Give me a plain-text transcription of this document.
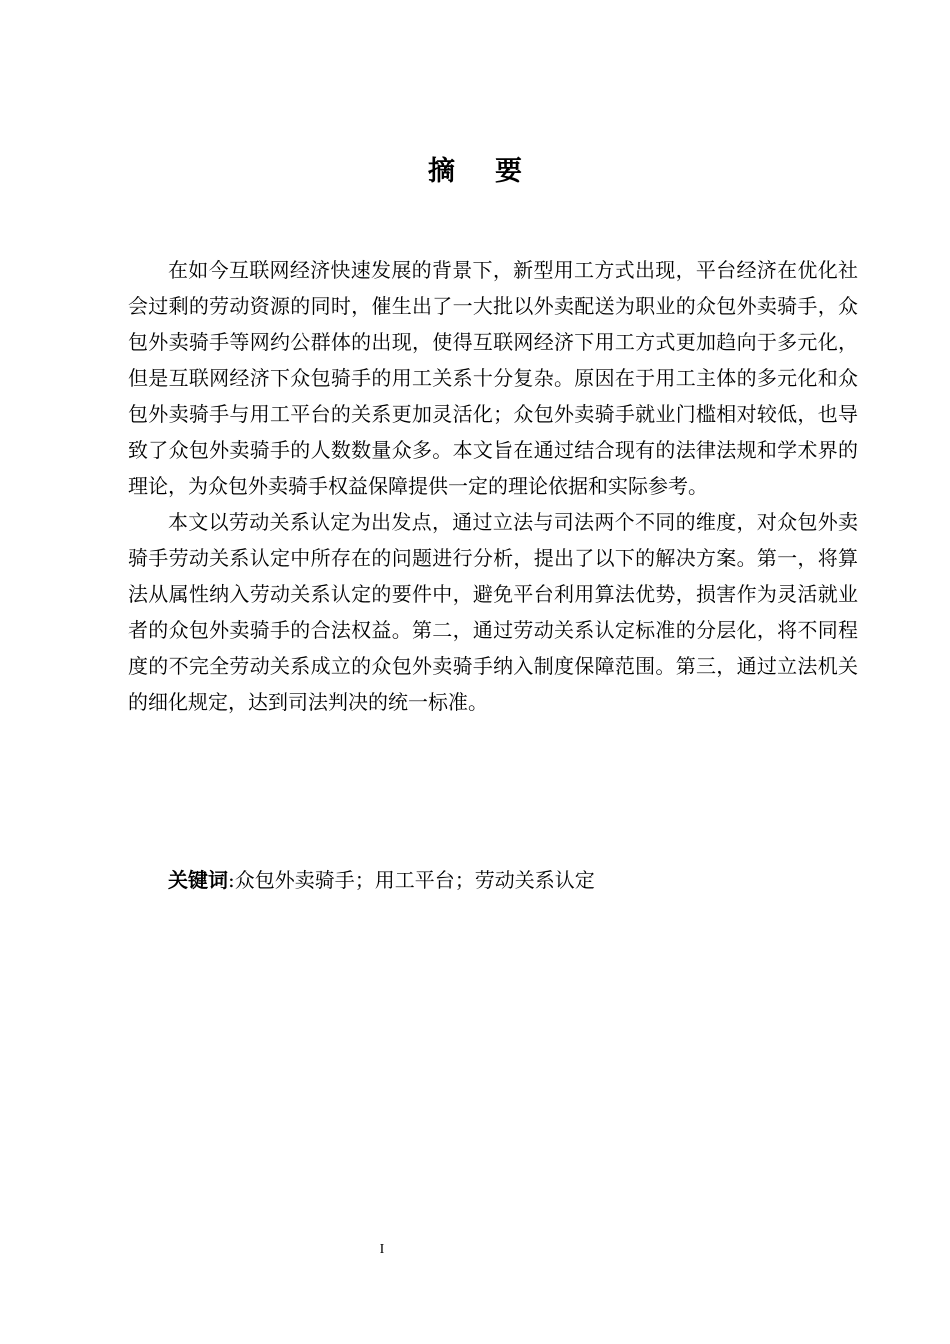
摘要

在如今互联网经济快速发展的背景下，新型用工方式出现，平台经济在优化社会过剩的劳动资源的同时，催生出了一大批以外卖配送为职业的众包外卖骑手，众包外卖骑手等网约公群体的出现，使得互联网经济下用工方式更加趋向于多元化，但是互联网经济下众包骑手的用工关系十分复杂。原因在于用工主体的多元化和众包外卖骑手与用工平台的关系更加灵活化；众包外卖骑手就业门槛相对较低，也导致了众包外卖骑手的人数数量众多。本文旨在通过结合现有的法律法规和学术界的理论，为众包外卖骑手权益保障提供一定的理论依据和实际参考。

本文以劳动关系认定为出发点，通过立法与司法两个不同的维度，对众包外卖骑手劳动关系认定中所存在的问题进行分析，提出了以下的解决方案。第一，将算法从属性纳入劳动关系认定的要件中，避免平台利用算法优势，损害作为灵活就业者的众包外卖骑手的合法权益。第二，通过劳动关系认定标准的分层化，将不同程度的不完全劳动关系成立的众包外卖骑手纳入制度保障范围。第三，通过立法机关的细化规定，达到司法判决的统一标准。

关键词:众包外卖骑手；用工平台；劳动关系认定

I
